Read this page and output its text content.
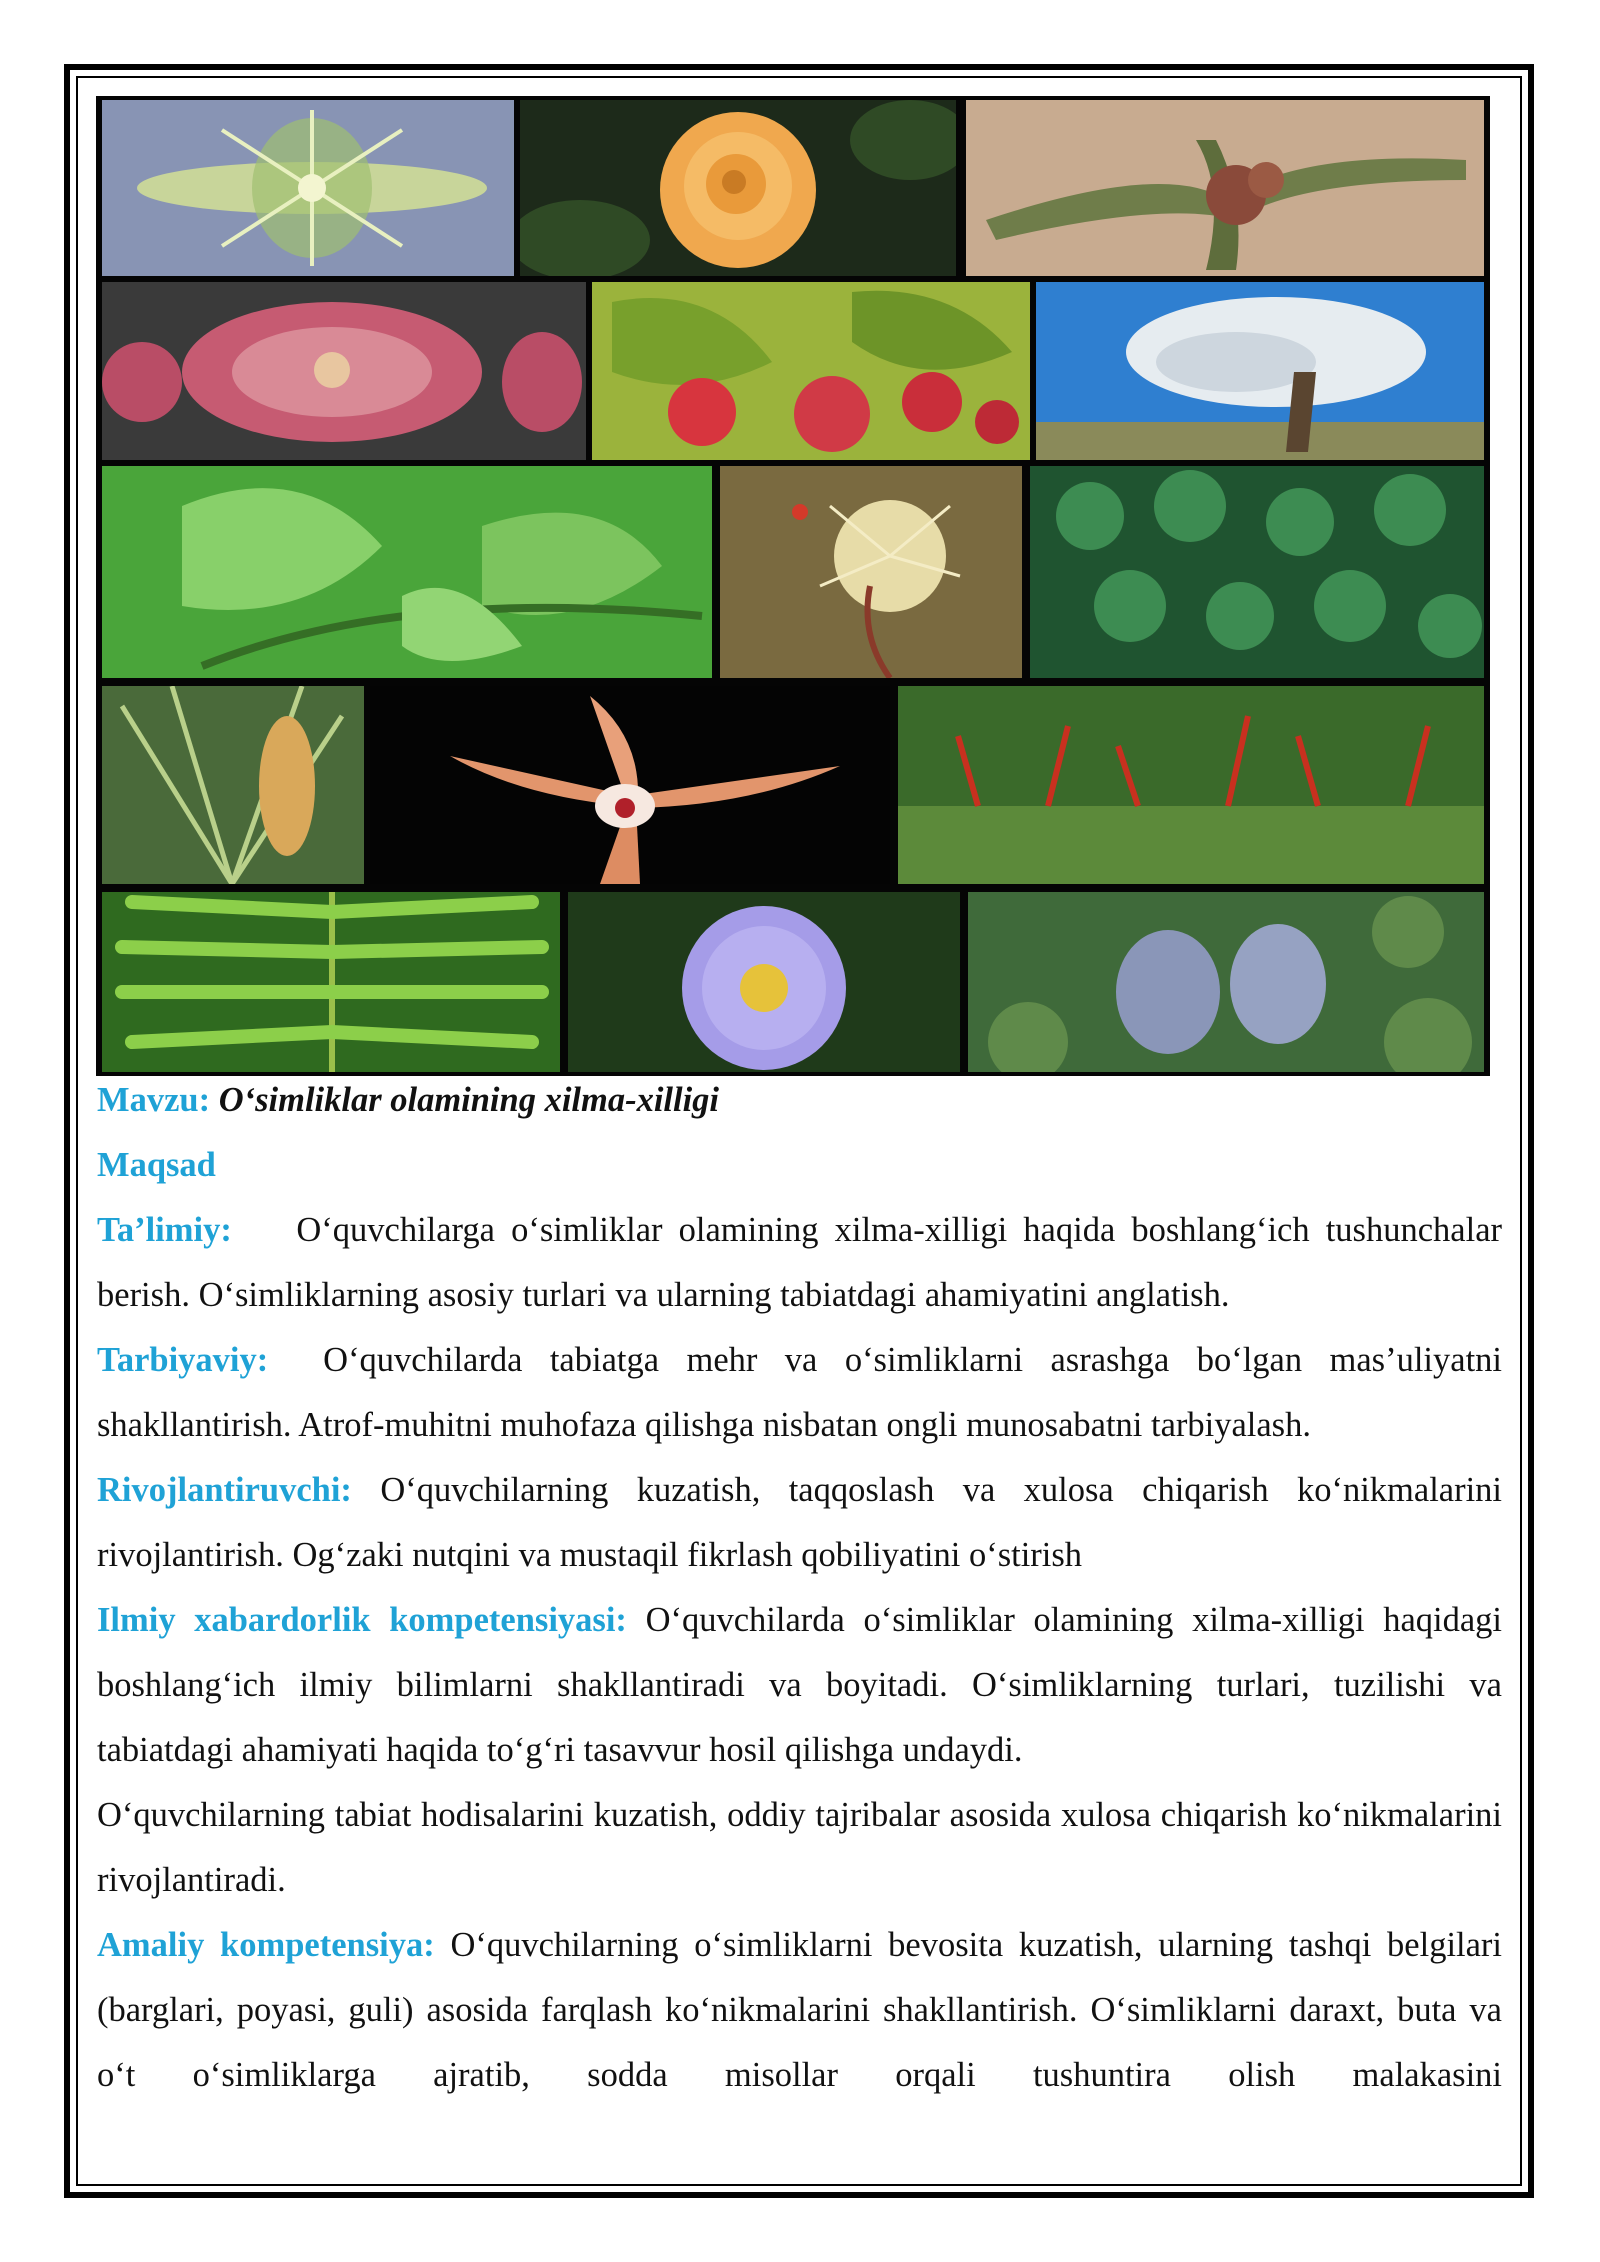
Mavzu: O‘simliklar olamining xilma-xilligi

Maqsad

Ta’limiy: O‘quvchilarga o‘simliklar olamining xilma-xilligi haqida boshlang‘ich tushunchalar berish. O‘simliklarning asosiy turlari va ularning tabiatdagi ahamiyatini anglatish.

Tarbiyaviy: O‘quvchilarda tabiatga mehr va o‘simliklarni asrashga bo‘lgan mas’uliyatni shakllantirish. Atrof-muhitni muhofaza qilishga nisbatan ongli munosabatni tarbiyalash.

Rivojlantiruvchi: O‘quvchilarning kuzatish, taqqoslash va xulosa chiqarish ko‘nikmalarini rivojlantirish. Og‘zaki nutqini va mustaqil fikrlash qobiliyatini o‘stirish

Ilmiy xabardorlik kompetensiyasi: O‘quvchilarda o‘simliklar olamining xilma-xilligi haqidagi boshlang‘ich ilmiy bilimlarni shakllantiradi va boyitadi. O‘simliklarning turlari, tuzilishi va tabiatdagi ahamiyati haqida to‘g‘ri tasavvur hosil qilishga undaydi.

O‘quvchilarning tabiat hodisalarini kuzatish, oddiy tajribalar asosida xulosa chiqarish ko‘nikmalarini rivojlantiradi.

Amaliy kompetensiya: O‘quvchilarning o‘simliklarni bevosita kuzatish, ularning tashqi belgilari (barglari, poyasi, guli) asosida farqlash ko‘nikmalarini shakllantirish. O‘simliklarni daraxt, buta va o‘t o‘simliklarga ajratib, sodda misollar orqali tushuntira olish malakasini
